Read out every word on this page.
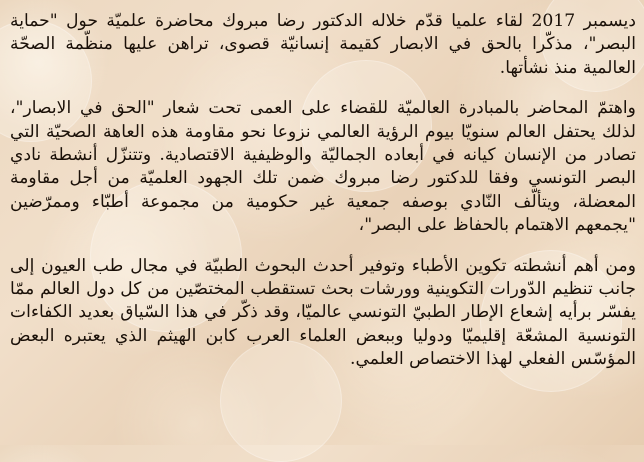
ديسمبر 2017 لقاء علميا قدّم خلاله الدكتور رضا مبروك محاضرة علميّة حول "حماية البصر"، مذكّرا بالحق في الابصار كقيمة إنسانيّة قصوى، تراهن عليها منظّمة الصحّة العالمية منذ نشأتها.

واهتمّ المحاضر بالمبادرة العالميّة للقضاء على العمى تحت شعار "الحق في الابصار"، لذلك يحتفل العالم سنويّا بيوم الرؤية العالمي نزوعا نحو مقاومة هذه العاهة الصحيّة التي تصادر من الإنسان كيانه في أبعاده الجماليّة والوظيفية الاقتصادية. وتتنزّل أنشطة نادي البصر التونسي وفقا للدكتور رضا مبروك ضمن تلك الجهود العلميّة من أجل مقاومة المعضلة، ويتألّف النّادي بوصفه جمعية غير حكومية من مجموعة أطبّاء وممرّضين "يجمعهم الاهتمام بالحفاظ على البصر"،

ومن أهم أنشطته تكوين الأطباء وتوفير أحدث البحوث الطبيّة في مجال طب العيون إلى جانب تنظيم الدّورات التكوينية وورشات بحث تستقطب المختصّين من كل دول العالم ممّا يفسّر برأيه إشعاع الإطار الطبيّ التونسي عالميّا، وقد ذكّر في هذا السّياق بعديد الكفاءات التونسية المشعّة إقليميّا ودوليا وببعض العلماء العرب كابن الهيثم الذي يعتبره البعض المؤسّس الفعلي لهذا الاختصاص العلمي.
